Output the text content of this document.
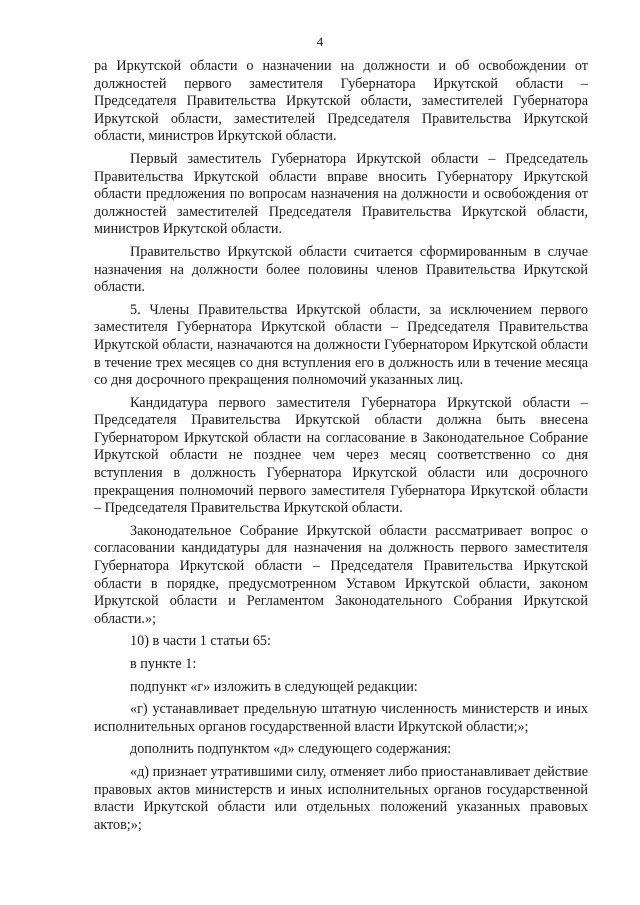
4

ра Иркутской области о назначении на должности и об освобождении от должностей первого заместителя Губернатора Иркутской области – Председателя Правительства Иркутской области, заместителей Губернатора Иркутской области, заместителей Председателя Правительства Иркутской области, министров Иркутской области.

Первый заместитель Губернатора Иркутской области – Председатель Правительства Иркутской области вправе вносить Губернатору Иркутской области предложения по вопросам назначения на должности и освобождения от должностей заместителей Председателя Правительства Иркутской области, министров Иркутской области.

Правительство Иркутской области считается сформированным в случае назначения на должности более половины членов Правительства Иркутской области.

5. Члены Правительства Иркутской области, за исключением первого заместителя Губернатора Иркутской области – Председателя Правительства Иркутской области, назначаются на должности Губернатором Иркутской области в течение трех месяцев со дня вступления его в должность или в течение месяца со дня досрочного прекращения полномочий указанных лиц.

Кандидатура первого заместителя Губернатора Иркутской области – Председателя Правительства Иркутской области должна быть внесена Губернатором Иркутской области на согласование в Законодательное Собрание Иркутской области не позднее чем через месяц соответственно со дня вступления в должность Губернатора Иркутской области или досрочного прекращения полномочий первого заместителя Губернатора Иркутской области – Председателя Правительства Иркутской области.

Законодательное Собрание Иркутской области рассматривает вопрос о согласовании кандидатуры для назначения на должность первого заместителя Губернатора Иркутской области – Председателя Правительства Иркутской области в порядке, предусмотренном Уставом Иркутской области, законом Иркутской области и Регламентом Законодательного Собрания Иркутской области.»;

10) в части 1 статьи 65:

в пункте 1:

подпункт «г» изложить в следующей редакции:

«г) устанавливает предельную штатную численность министерств и иных исполнительных органов государственной власти Иркутской области;»;

дополнить подпунктом «д» следующего содержания:

«д) признает утратившими силу, отменяет либо приостанавливает действие правовых актов министерств и иных исполнительных органов государственной власти Иркутской области или отдельных положений указанных правовых актов;»;
